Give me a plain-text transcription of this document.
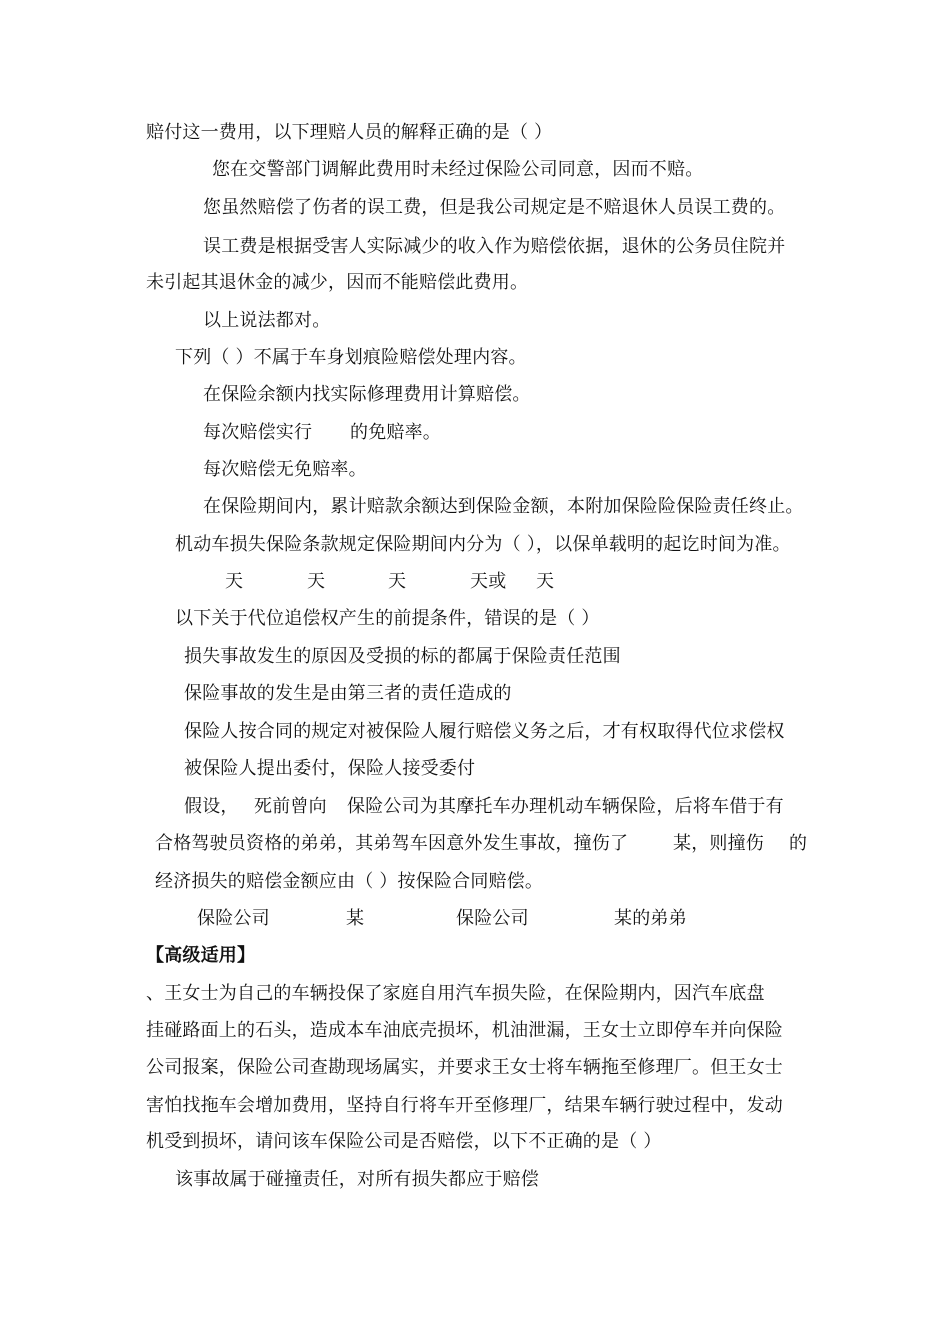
赔付这一费用，以下理赔人员的解释正确的是（ ）
您在交警部门调解此费用时未经过保险公司同意，因而不赔。
您虽然赔偿了伤者的误工费，但是我公司规定是不赔退休人员误工费的。
误工费是根据受害人实际减少的收入作为赔偿依据，退休的公务员住院并
未引起其退休金的减少，因而不能赔偿此费用。
以上说法都对。
下列（ ）不属于车身划痕险赔偿处理内容。
在保险余额内找实际修理费用计算赔偿。
每次赔偿实行 的免赔率。
每次赔偿无免赔率。
在保险期间内，累计赔款余额达到保险金额，本附加保险险保险责任终止。
机动车损失保险条款规定保险期间内分为（ ），以保单载明的起讫时间为准。
天	天	天	天或 天
以下关于代位追偿权产生的前提条件，错误的是（ ）
损失事故发生的原因及受损的标的都属于保险责任范围
保险事故的发生是由第三者的责任造成的
保险人按合同的规定对被保险人履行赔偿义务之后，才有权取得代位求偿权
被保险人提出委付，保险人接受委付
假设， 死前曾向 保险公司为其摩托车办理机动车辆保险，后将车借于有
合格驾驶员资格的弟弟，其弟驾车因意外发生事故，撞伤了 某，则撞伤 的
经济损失的赔偿金额应由（ ）按保险合同赔偿。
保险公司	某	保险公司	某的弟弟
【高级适用】
、王女士为自己的车辆投保了家庭自用汽车损失险，在保险期内，因汽车底盘
挂碰路面上的石头，造成本车油底壳损坏，机油泄漏，王女士立即停车并向保险
公司报案，保险公司查勘现场属实，并要求王女士将车辆拖至修理厂。但王女士
害怕找拖车会增加费用，坚持自行将车开至修理厂，结果车辆行驶过程中，发动
机受到损坏，请问该车保险公司是否赔偿，以下不正确的是（ ）
该事故属于碰撞责任，对所有损失都应于赔偿
